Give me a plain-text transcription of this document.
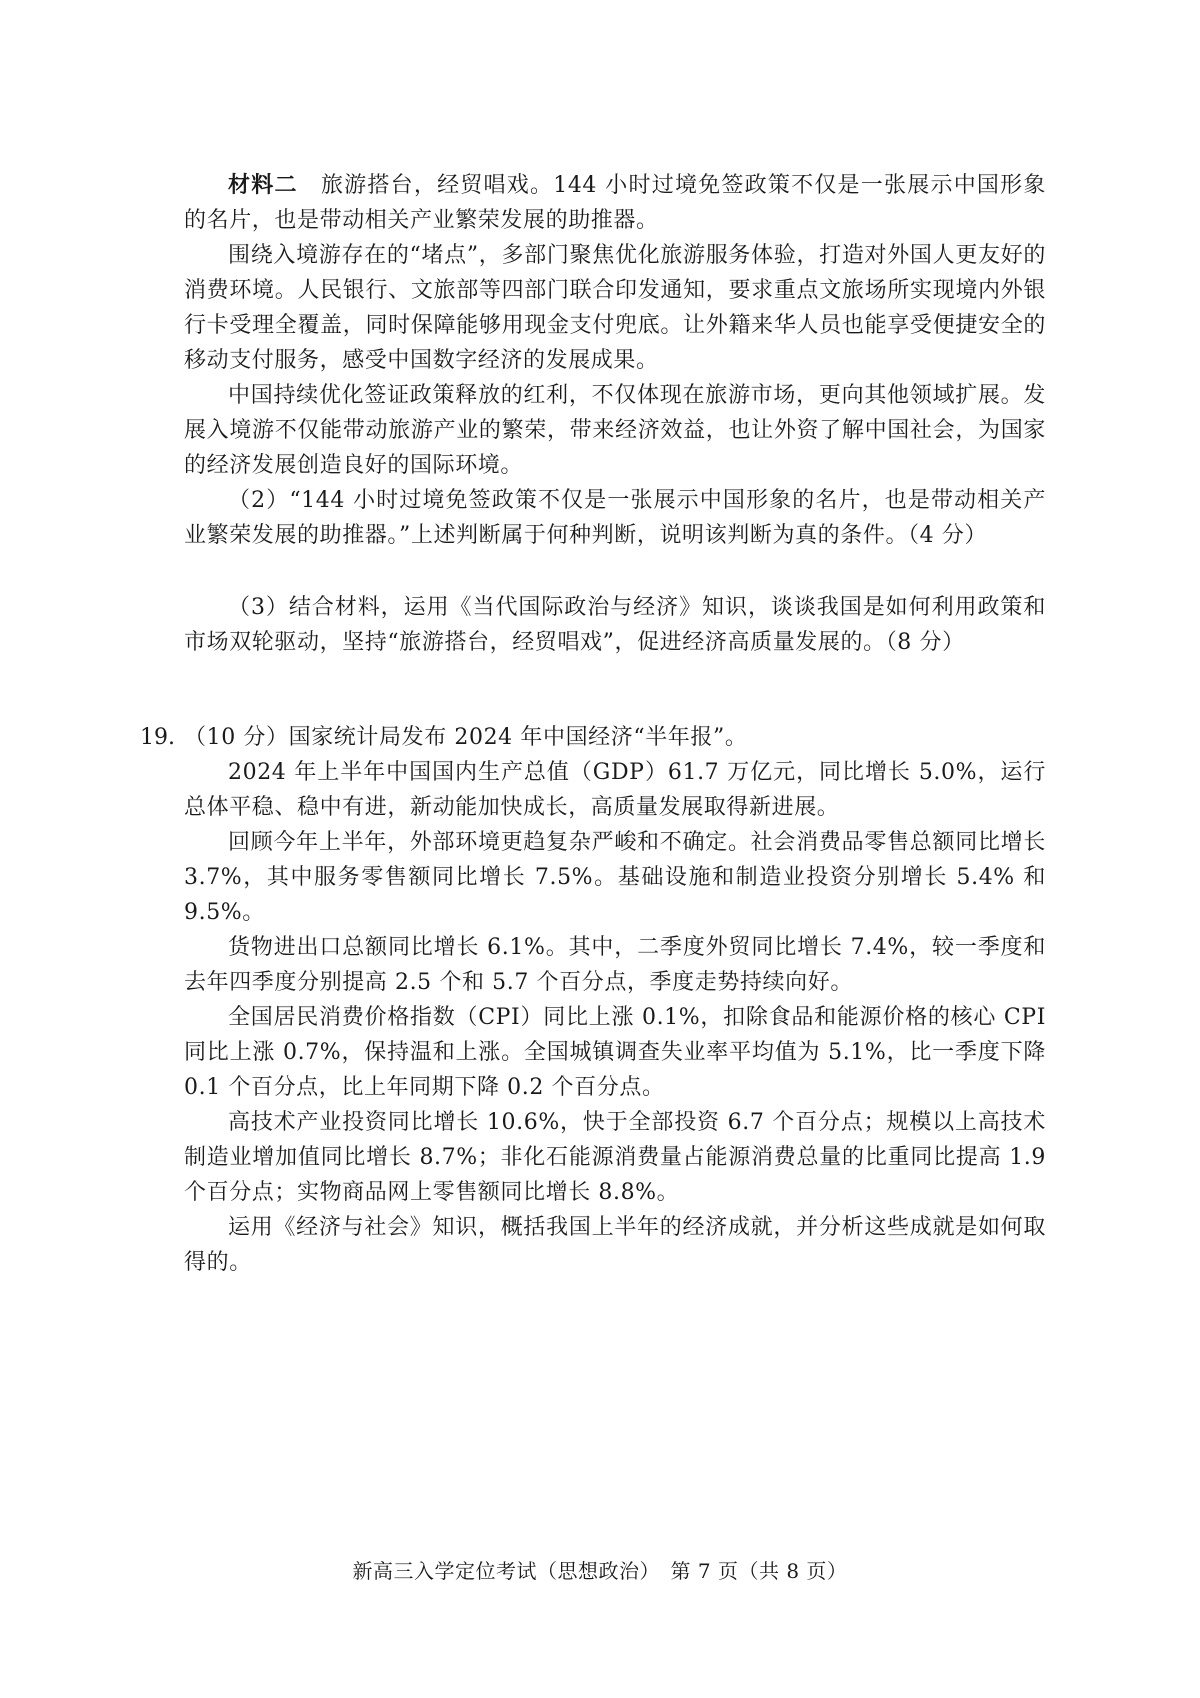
材料二　 旅游搭台，经贸唱戏。144 小时过境免签政策不仅是一张展示中国形象的名片，也是带动相关产业繁荣发展的助推器。

围绕入境游存在的“堵点”，多部门聚焦优化旅游服务体验，打造对外国人更友好的消费环境。人民银行、文旅部等四部门联合印发通知，要求重点文旅场所实现境内外银行卡受理全覆盖，同时保障能够用现金支付兜底。让外籍来华人员也能享受便捷安全的移动支付服务，感受中国数字经济的发展成果。

中国持续优化签证政策释放的红利，不仅体现在旅游市场，更向其他领域扩展。发展入境游不仅能带动旅游产业的繁荣，带来经济效益，也让外资了解中国社会，为国家的经济发展创造良好的国际环境。

（2）“144 小时过境免签政策不仅是一张展示中国形象的名片，也是带动相关产业繁荣发展的助推器。”上述判断属于何种判断，说明该判断为真的条件。（4 分）

（3）结合材料，运用《当代国际政治与经济》知识，谈谈我国是如何利用政策和市场双轮驱动，坚持“旅游搭台，经贸唱戏”，促进经济高质量发展的。（8 分）

19. （10 分）国家统计局发布 2024 年中国经济“半年报”。

2024 年上半年中国国内生产总值（GDP）61.7 万亿元，同比增长 5.0%，运行总体平稳、稳中有进，新动能加快成长，高质量发展取得新进展。

回顾今年上半年，外部环境更趋复杂严峻和不确定。社会消费品零售总额同比增长 3.7%，其中服务零售额同比增长 7.5%。基础设施和制造业投资分别增长 5.4% 和 9.5%。

货物进出口总额同比增长 6.1%。其中，二季度外贸同比增长 7.4%，较一季度和去年四季度分别提高 2.5 个和 5.7 个百分点，季度走势持续向好。

全国居民消费价格指数（CPI）同比上涨 0.1%，扣除食品和能源价格的核心 CPI 同比上涨 0.7%，保持温和上涨。全国城镇调查失业率平均值为 5.1%，比一季度下降 0.1 个百分点，比上年同期下降 0.2 个百分点。

高技术产业投资同比增长 10.6%，快于全部投资 6.7 个百分点；规模以上高技术制造业增加值同比增长 8.7%；非化石能源消费量占能源消费总量的比重同比提高 1.9 个百分点；实物商品网上零售额同比增长 8.8%。

运用《经济与社会》知识，概括我国上半年的经济成就，并分析这些成就是如何取得的。

新高三入学定位考试（思想政治）　第 7 页（共 8 页）
